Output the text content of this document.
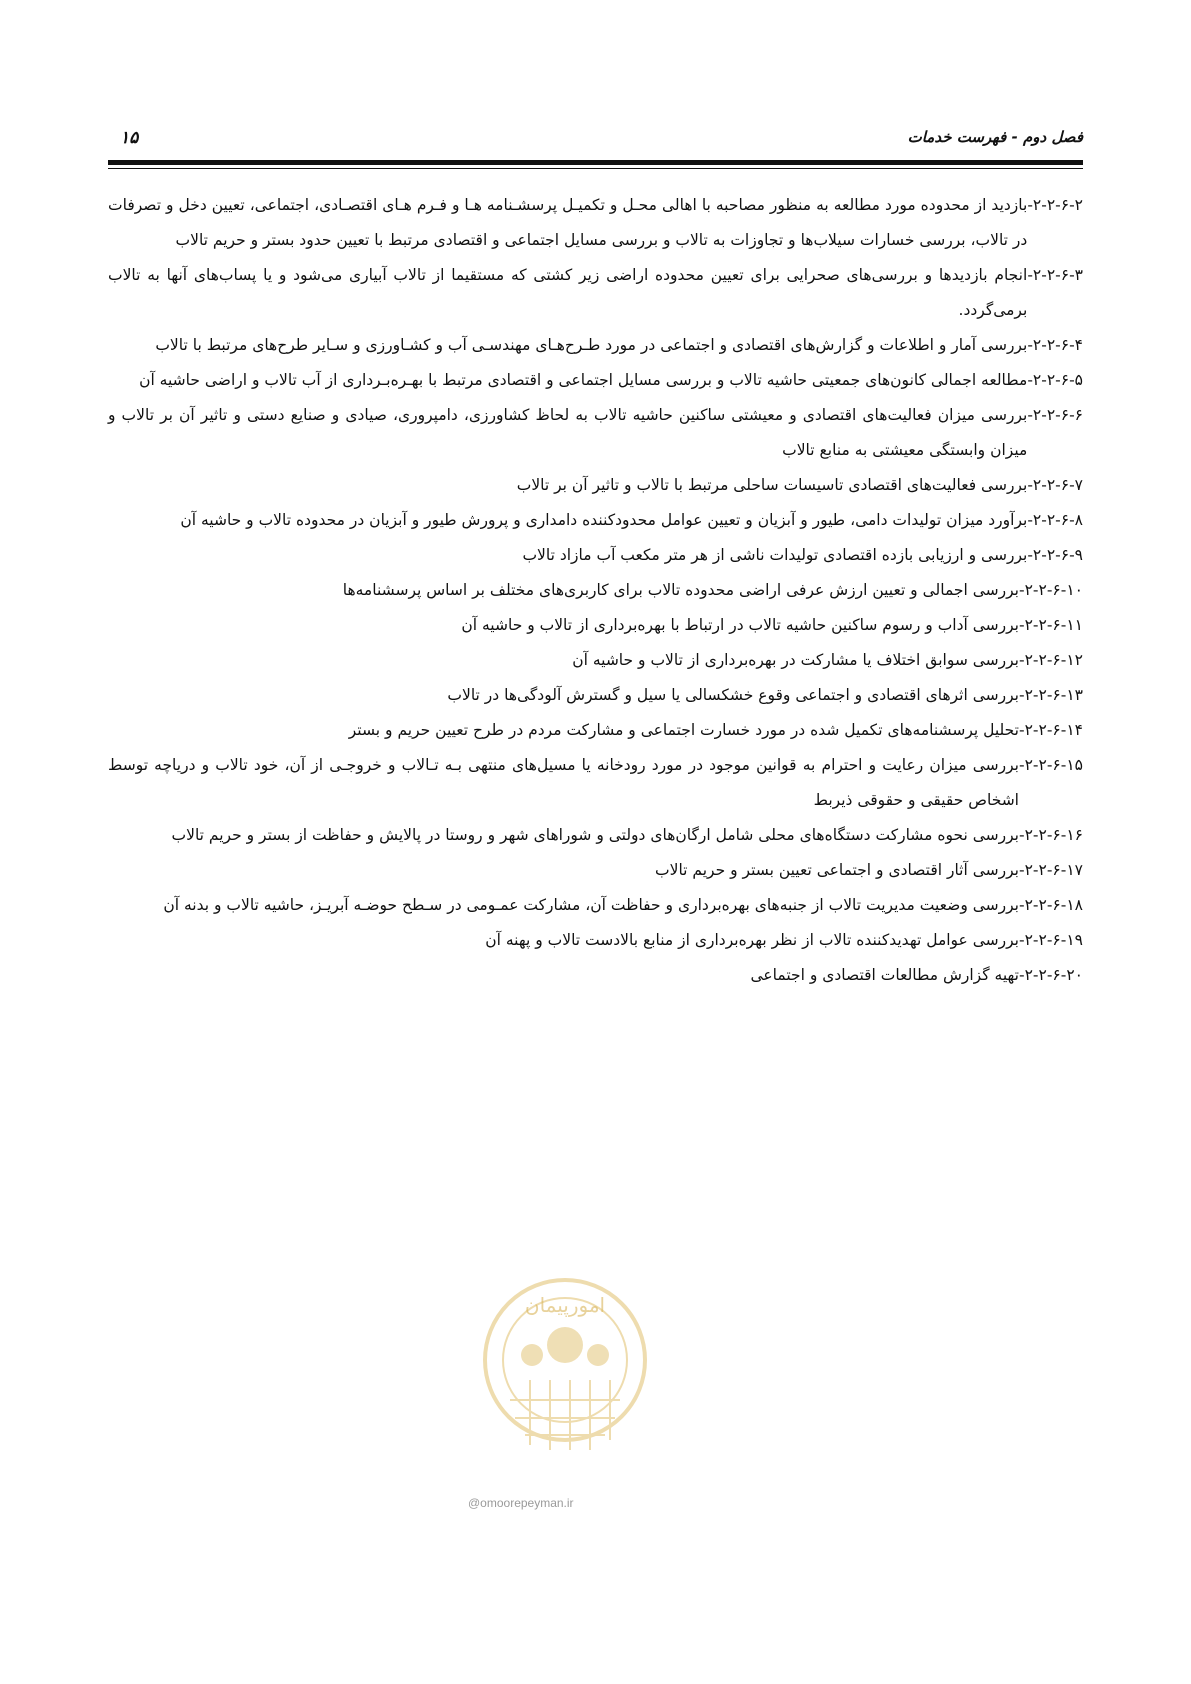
فصل دوم - فهرست خدمات
۱۵
۲-۲-۶-۲-
بازدید از محدوده مورد مطالعه به منظور مصاحبه با اهالی محـل و تکمیـل پرسشـنامه هـا و فـرم هـای اقتصـادی، اجتماعی، تعیین دخل و تصرفات در تالاب، بررسی خسارات سیلاب‌ها و تجاوزات به تالاب و بررسی مسایل اجتماعی و اقتصادی مرتبط با تعیین حدود بستر و حریم تالاب
۲-۲-۶-۳-
انجام بازدیدها و بررسی‌های صحرایی برای تعیین محدوده اراضی زیر کشتی که مستقیما از تالاب آبیاری می‌شود و یا پساب‌های آنها به تالاب برمی‌گردد.
۲-۲-۶-۴-
بررسی آمار و اطلاعات و گزارش‌های اقتصادی و اجتماعی در مورد طـرح‌هـای مهندسـی آب و کشـاورزی و سـایر طرح‌های مرتبط با تالاب
۲-۲-۶-۵-
مطالعه اجمالی کانون‌های جمعیتی حاشیه تالاب و بررسی مسایل اجتماعی و اقتصادی مرتبط با بهـره‌بـرداری از آب تالاب و اراضی حاشیه آن
۲-۲-۶-۶-
بررسی میزان فعالیت‌های اقتصادی و معیشتی ساکنین حاشیه تالاب به لحاظ کشاورزی، دامپروری، صیادی و صنایع دستی و تاثیر آن بر تالاب و میزان وابستگی معیشتی به منابع تالاب
۲-۲-۶-۷-
بررسی فعالیت‌های اقتصادی تاسیسات ساحلی مرتبط با تالاب و تاثیر آن بر تالاب
۲-۲-۶-۸-
برآورد میزان تولیدات دامی، طیور و آبزیان و تعیین عوامل محدودکننده دامداری و پرورش طیور و آبزیان در محدوده تالاب و حاشیه آن
۲-۲-۶-۹-
بررسی و ارزیابی بازده اقتصادی تولیدات ناشی از هر متر مکعب آب مازاد تالاب
۲-۲-۶-۱۰-
بررسی اجمالی و تعیین ارزش عرفی اراضی محدوده تالاب برای کاربری‌های مختلف بر اساس پرسشنامه‌ها
۲-۲-۶-۱۱-
بررسی آداب و رسوم ساکنین حاشیه تالاب در ارتباط با بهره‌برداری از تالاب و حاشیه آن
۲-۲-۶-۱۲-
بررسی سوابق اختلاف یا مشارکت در بهره‌برداری از تالاب و حاشیه آن
۲-۲-۶-۱۳-
بررسی اثرهای اقتصادی و اجتماعی وقوع خشکسالی یا سیل و گسترش آلودگی‌ها در تالاب
۲-۲-۶-۱۴-
تحلیل پرسشنامه‌های تکمیل شده در مورد خسارت اجتماعی و مشارکت مردم در طرح تعیین حریم و بستر
۲-۲-۶-۱۵-
بررسی میزان رعایت و احترام به قوانین موجود در مورد رودخانه یا مسیل‌های منتهی بـه تـالاب و خروجـی از آن، خود تالاب و دریاچه توسط اشخاص حقیقی و حقوقی ذیربط
۲-۲-۶-۱۶-
بررسی نحوه مشارکت دستگاه‌های محلی شامل ارگان‌های دولتی و شوراهای شهر و روستا در پالایش و حفاظت از بستر و حریم تالاب
۲-۲-۶-۱۷-
بررسی آثار اقتصادی و اجتماعی تعیین بستر و حریم تالاب
۲-۲-۶-۱۸-
بررسی وضعیت مدیریت تالاب از جنبه‌های بهره‌برداری و حفاظت آن، مشارکت عمـومی در سـطح حوضـه آبریـز، حاشیه تالاب و بدنه آن
۲-۲-۶-۱۹-
بررسی عوامل تهدیدکننده تالاب از نظر بهره‌برداری از منابع بالادست تالاب و پهنه آن
۲-۲-۶-۲۰-
تهیه گزارش مطالعات اقتصادی و اجتماعی
امورپیمان
@omoorepeyman.ir
